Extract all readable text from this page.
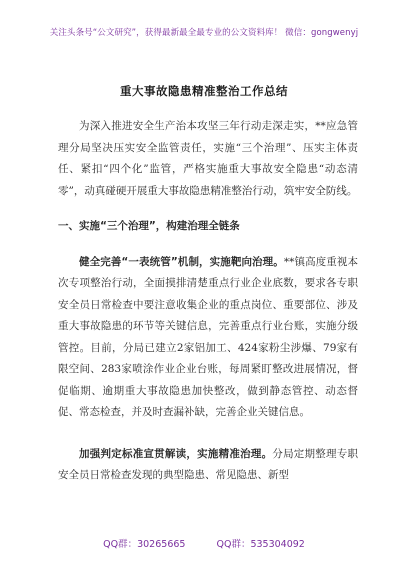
关注头条号“公文研究”，获得最新最全最专业的公文资料库！ 微信：gongwenyj
重大事故隐患精准整治工作总结

为深入推进安全生产治本攻坚三年行动走深走实，**应急管理分局坚决压实安全监管责任，实施“三个治理”、压实主体责任、紧扣“四个化”监管，严格实施重大事故安全隐患“动态清零”，动真碰硬开展重大事故隐患精准整治行动，筑牢安全防线。

一、实施“三个治理”，构建治理全链条

健全完善“一表统管”机制，实施靶向治理。**镇高度重视本次专项整治行动，全面摸排清楚重点行业企业底数，要求各专职安全员日常检查中要注意收集企业的重点岗位、重要部位、涉及重大事故隐患的环节等关键信息，完善重点行业台账，实施分级管控。目前，分局已建立2家铝加工、424家粉尘涉爆、79家有限空间、283家喷涂作业企业台账，每周紧盯整改进展情况，督促临期、逾期重大事故隐患加快整改，做到静态管控、动态督促、常态检查，并及时查漏补缺，完善企业关键信息。

加强判定标准宣贯解读，实施精准治理。分局定期整理专职安全员日常检查发现的典型隐患、常见隐患、新型

QQ群：30265665	QQ群：535304092
